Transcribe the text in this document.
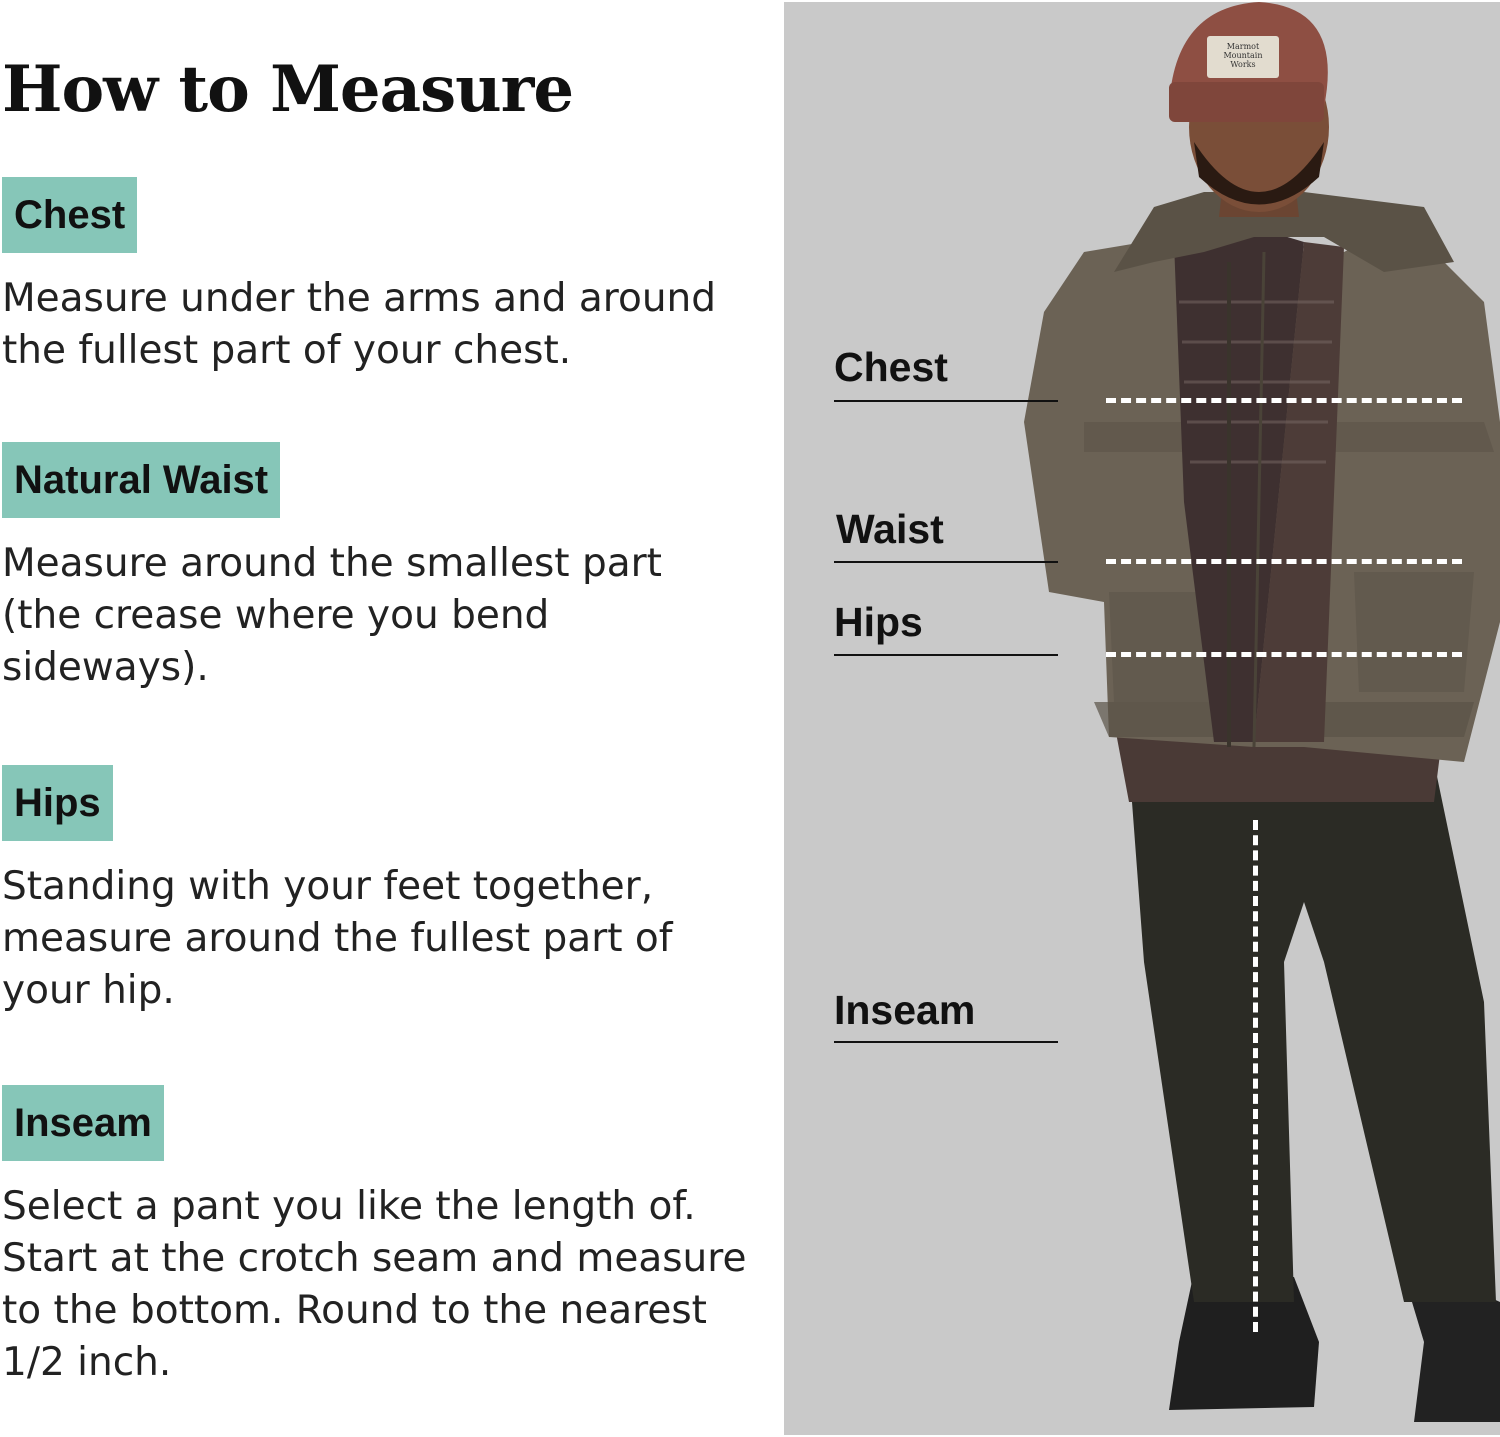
How to Measure
Chest

Measure under the arms and around
the fullest part of your chest.

Natural Waist

Measure around the smallest part
(the crease where you bend
sideways).

Hips

Standing with your feet together,
measure around the fullest part of
your hip.

Inseam

Select a pant you like the length of.
Start at the crotch seam and measure
to the bottom. Round to the nearest
1/2 inch.

Marmot Mountain Works
Chest
Waist
Hips
Inseam
